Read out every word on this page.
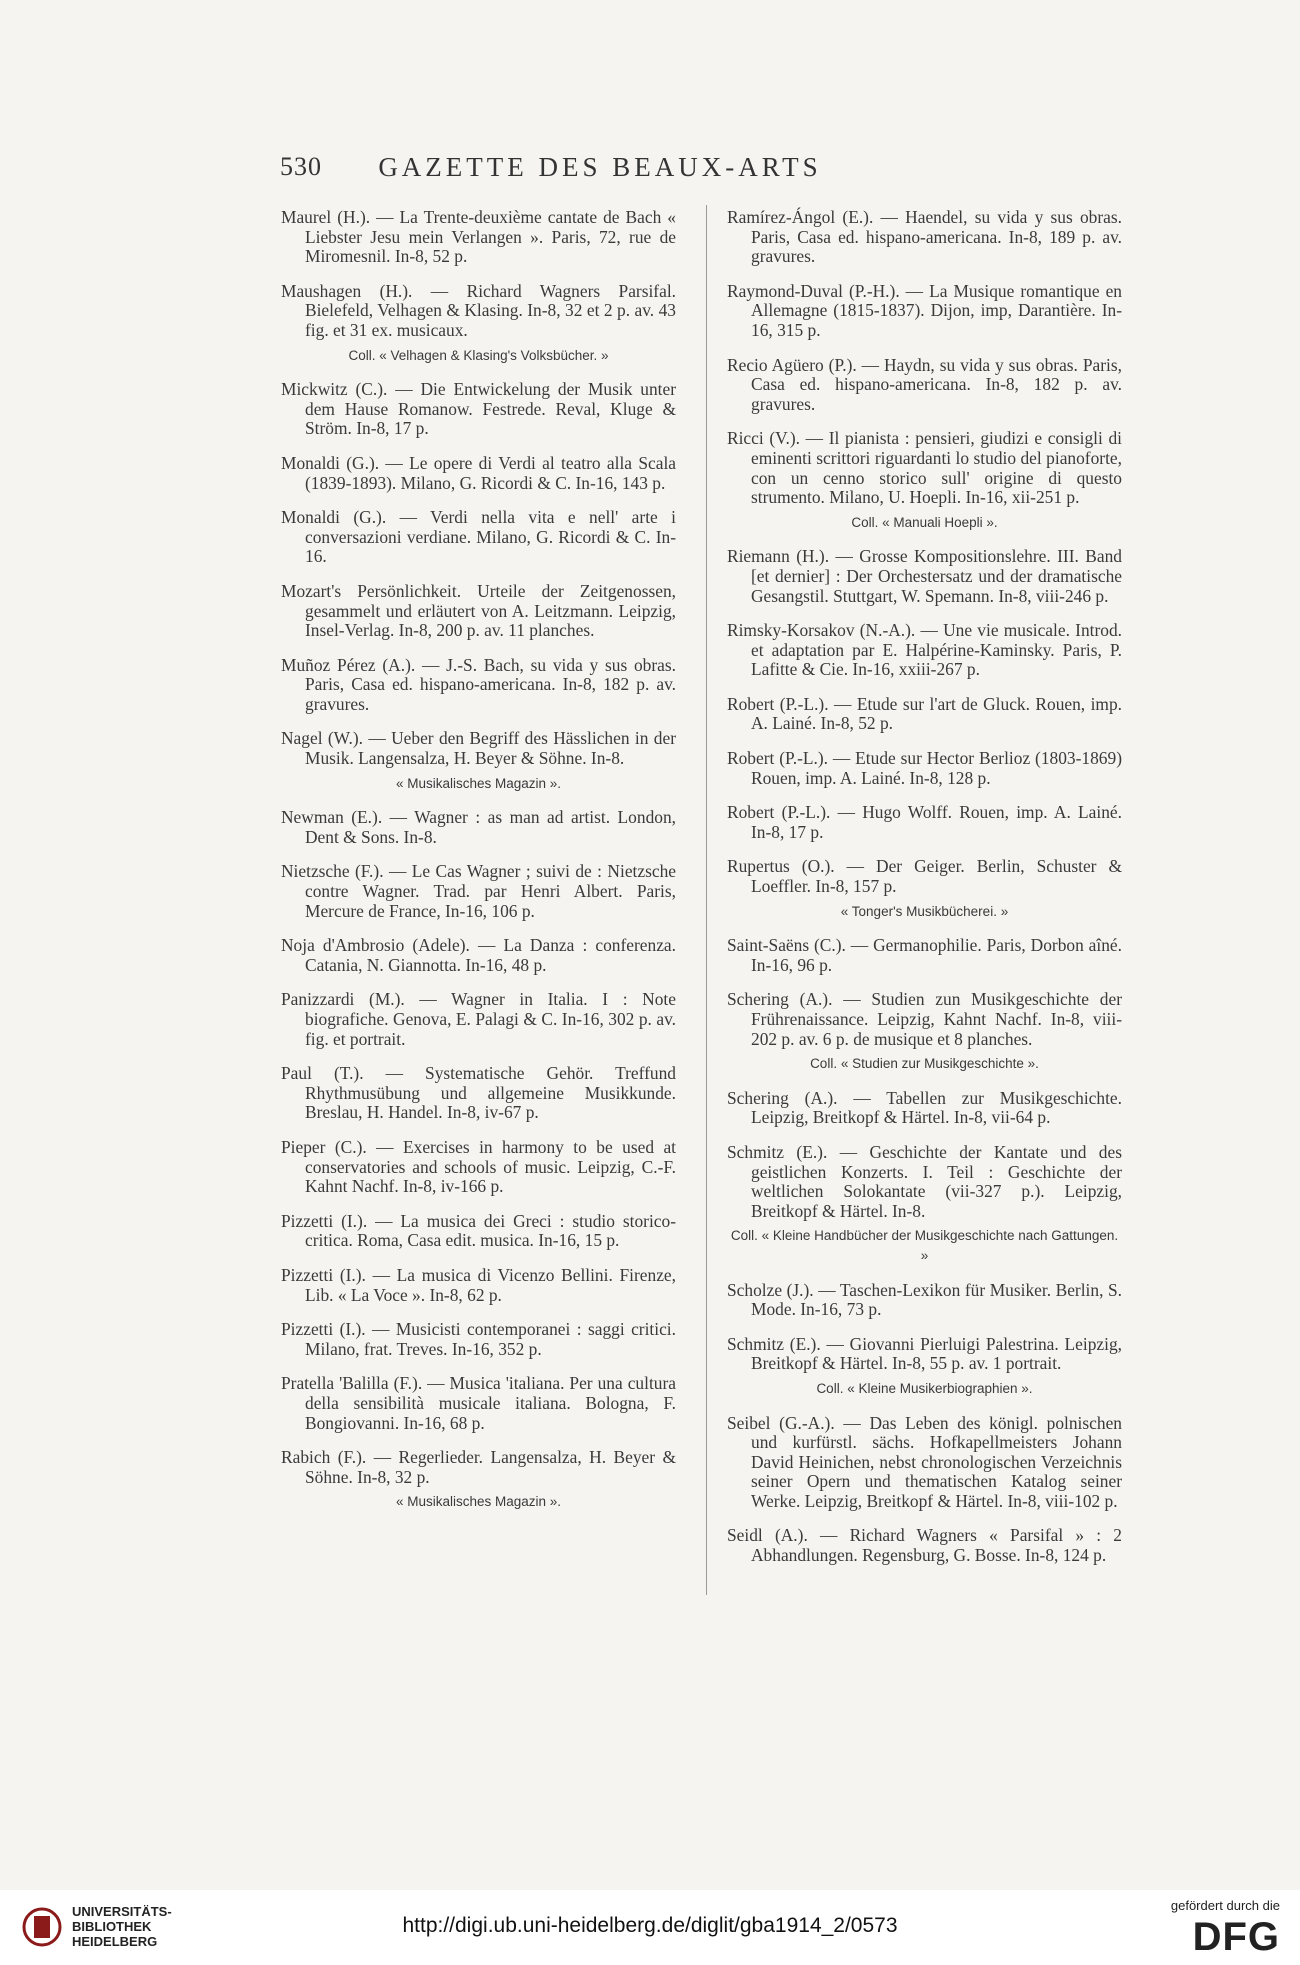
530	GAZETTE DES BEAUX-ARTS
Maurel (H.). — La Trente-deuxième cantate de Bach « Liebster Jesu mein Verlangen ». Paris, 72, rue de Miromesnil. In-8, 52 p.
Maushagen (H.). — Richard Wagners Parsifal. Bielefeld, Velhagen & Klasing. In-8, 32 et 2 p. av. 43 fig. et 31 ex. musicaux.
Coll. « Velhagen & Klasing's Volksbücher. »
Mickwitz (C.). — Die Entwickelung der Musik unter dem Hause Romanow. Festrede. Reval, Kluge & Ström. In-8, 17 p.
Monaldi (G.). — Le opere di Verdi al teatro alla Scala (1839-1893). Milano, G. Ricordi & C. In-16, 143 p.
Monaldi (G.). — Verdi nella vita e nell' arte i conversazioni verdiane. Milano, G. Ricordi & C. In-16.
Mozart's Persönlichkeit. Urteile der Zeitgenossen, gesammelt und erläutert von A. Leitzmann. Leipzig, Insel-Verlag. In-8, 200 p. av. 11 planches.
Muñoz Pérez (A.). — J.-S. Bach, su vida y sus obras. Paris, Casa ed. hispano-americana. In-8, 182 p. av. gravures.
Nagel (W.). — Ueber den Begriff des Hässlichen in der Musik. Langensalza, H. Beyer & Söhne. In-8.
« Musikalisches Magazin ».
Newman (E.). — Wagner : as man ad artist. London, Dent & Sons. In-8.
Nietzsche (F.). — Le Cas Wagner ; suivi de : Nietzsche contre Wagner. Trad. par Henri Albert. Paris, Mercure de France, In-16, 106 p.
Noja d'Ambrosio (Adele). — La Danza : conferenza. Catania, N. Giannotta. In-16, 48 p.
Panizzardi (M.). — Wagner in Italia. I : Note biografiche. Genova, E. Palagi & C. In-16, 302 p. av. fig. et portrait.
Paul (T.). — Systematische Gehör. Treffund Rhythmusübung und allgemeine Musikkunde. Breslau, H. Handel. In-8, iv-67 p.
Pieper (C.). — Exercises in harmony to be used at conservatories and schools of music. Leipzig, C.-F. Kahnt Nachf. In-8, iv-166 p.
Pizzetti (I.). — La musica dei Greci : studio storico-critica. Roma, Casa edit. musica. In-16, 15 p.
Pizzetti (I.). — La musica di Vicenzo Bellini. Firenze, Lib. « La Voce ». In-8, 62 p.
Pizzetti (I.). — Musicisti contemporanei : saggi critici. Milano, frat. Treves. In-16, 352 p.
Pratella 'Balilla (F.). — Musica 'italiana. Per una cultura della sensibilità musicale italiana. Bologna, F. Bongiovanni. In-16, 68 p.
Rabich (F.). — Regerlieder. Langensalza, H. Beyer & Söhne. In-8, 32 p.
« Musikalisches Magazin ».
Ramírez-Ángol (E.). — Haendel, su vida y sus obras. Paris, Casa ed. hispano-americana. In-8, 189 p. av. gravures.
Raymond-Duval (P.-H.). — La Musique romantique en Allemagne (1815-1837). Dijon, imp, Darantière. In-16, 315 p.
Recio Agüero (P.). — Haydn, su vida y sus obras. Paris, Casa ed. hispano-americana. In-8, 182 p. av. gravures.
Ricci (V.). — Il pianista : pensieri, giudizi e consigli di eminenti scrittori riguardanti lo studio del pianoforte, con un cenno storico sull' origine di questo strumento. Milano, U. Hoepli. In-16, xii-251 p.
Coll. « Manuali Hoepli ».
Riemann (H.). — Grosse Kompositionslehre. III. Band [et dernier] : Der Orchestersatz und der dramatische Gesangstil. Stuttgart, W. Spemann. In-8, viii-246 p.
Rimsky-Korsakov (N.-A.). — Une vie musicale. Introd. et adaptation par E. Halpérine-Kaminsky. Paris, P. Lafitte & Cie. In-16, xxiii-267 p.
Robert (P.-L.). — Etude sur l'art de Gluck. Rouen, imp. A. Lainé. In-8, 52 p.
Robert (P.-L.). — Etude sur Hector Berlioz (1803-1869) Rouen, imp. A. Lainé. In-8, 128 p.
Robert (P.-L.). — Hugo Wolff. Rouen, imp. A. Lainé. In-8, 17 p.
Rupertus (O.). — Der Geiger. Berlin, Schuster & Loeffler. In-8, 157 p.
« Tonger's Musikbücherei. »
Saint-Saëns (C.). — Germanophilie. Paris, Dorbon aîné. In-16, 96 p.
Schering (A.). — Studien zun Musikgeschichte der Frührenaissance. Leipzig, Kahnt Nachf. In-8, viii-202 p. av. 6 p. de musique et 8 planches.
Coll. « Studien zur Musikgeschichte ».
Schering (A.). — Tabellen zur Musikgeschichte. Leipzig, Breitkopf & Härtel. In-8, vii-64 p.
Schmitz (E.). — Geschichte der Kantate und des geistlichen Konzerts. I. Teil : Geschichte der weltlichen Solokantate (vii-327 p.). Leipzig, Breitkopf & Härtel. In-8.
Coll. « Kleine Handbücher der Musikgeschichte nach Gattungen. »
Scholze (J.). — Taschen-Lexikon für Musiker. Berlin, S. Mode. In-16, 73 p.
Schmitz (E.). — Giovanni Pierluigi Palestrina. Leipzig, Breitkopf & Härtel. In-8, 55 p. av. 1 portrait.
Coll. « Kleine Musikerbiographien ».
Seibel (G.-A.). — Das Leben des königl. polnischen und kurfürstl. sächs. Hofkapellmeisters Johann David Heinichen, nebst chronologischen Verzeichnis seiner Opern und thematischen Katalog seiner Werke. Leipzig, Breitkopf & Härtel. In-8, viii-102 p.
Seidl (A.). — Richard Wagners « Parsifal » : 2 Abhandlungen. Regensburg, G. Bosse. In-8, 124 p.
UNIVERSITÄTS-
BIBLIOTHEK
HEIDELBERG
http://digi.ub.uni-heidelberg.de/diglit/gba1914_2/0573
gefördert durch die
DFG
